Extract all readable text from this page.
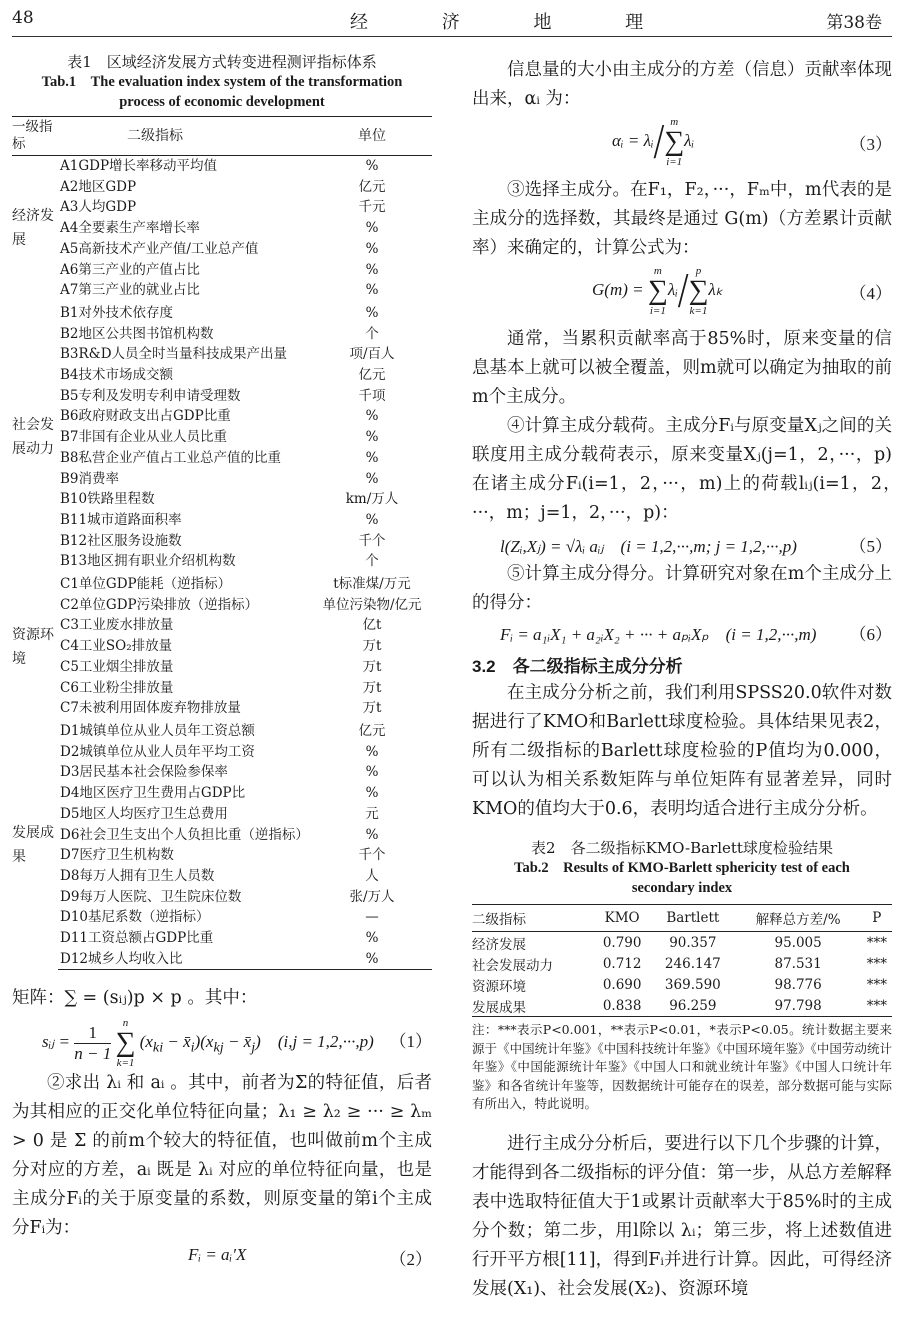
48	经 济 地 理	第38卷
表1　区域经济发展方式转变进程测评指标体系
Tab.1　The evaluation index system of the transformation
process of economic development
一级指标	二级指标	单位
经济发展	A1GDP增长率移动平均值	%
	A2地区GDP	亿元
	A3人均GDP	千元
	A4全要素生产率增长率	%
	A5高新技术产业产值/工业总产值	%
	A6第三产业的产值占比	%
	A7第三产业的就业占比	%
社会发展动力	B1对外技术依存度	%
	B2地区公共图书馆机构数	个
	B3R&D人员全时当量科技成果产出量	项/百人
	B4技术市场成交额	亿元
	B5专利及发明专利申请受理数	千项
	B6政府财政支出占GDP比重	%
	B7非国有企业从业人员比重	%
	B8私营企业产值占工业总产值的比重	%
	B9消费率	%
	B10铁路里程数	km/万人
	B11城市道路面积率	%
	B12社区服务设施数	千个
	B13地区拥有职业介绍机构数	个
资源环境	C1单位GDP能耗（逆指标）	t标准煤/万元
	C2单位GDP污染排放（逆指标）	单位污染物/亿元
	C3工业废水排放量	亿t
	C4工业SO₂排放量	万t
	C5工业烟尘排放量	万t
	C6工业粉尘排放量	万t
	C7未被利用固体废弃物排放量	万t
发展成果	D1城镇单位从业人员年工资总额	亿元
	D2城镇单位从业人员年平均工资	%
	D3居民基本社会保险参保率	%
	D4地区医疗卫生费用占GDP比	%
	D5地区人均医疗卫生总费用	元
	D6社会卫生支出个人负担比重（逆指标）	%
	D7医疗卫生机构数	千个
	D8每万人拥有卫生人员数	人
	D9每万人医院、卫生院床位数	张/万人
	D10基尼系数（逆指标）	—
	D11工资总额占GDP比重	%
	D12城乡人均收入比	%
矩阵：∑ = (sᵢⱼ)p × p 。其中：
sᵢⱼ = $\frac{1}{n - 1}$
	n
∑
k=1
($x_{ki}$ − $x̄_i)(x_{kj}$ − $x̄_j$)　(i,j = 1,2,···,p) （1）
②求出 λᵢ 和 aᵢ 。其中，前者为Σ的特征值，后者为其相应的正交化单位特征向量；λ₁ ≥ λ₂ ≥ ··· ≥ λₘ > 0 是 Σ 的前m个较大的特征值，也叫做前m个主成分对应的方差，aᵢ 既是 λᵢ 对应的单位特征向量，也是主成分Fᵢ的关于原变量的系数，则原变量的第i个主成分Fᵢ为：
Fᵢ = aᵢ′X	（2）
信息量的大小由主成分的方差（信息）贡献率体现出来，αᵢ 为：
αᵢ = λᵢ/ m
∑
i=1
λᵢ	（3）
③选择主成分。在F₁，F₂，···，Fₘ中，m代表的是主成分的选择数，其最终是通过 G(m)（方差累计贡献率）来确定的，计算公式为：
G(m) =
m
∑
i=1
λᵢ/ p
∑
k=1
λₖ	（4）
通常，当累积贡献率高于85%时，原来变量的信息基本上就可以被全覆盖，则m就可以确定为抽取的前m个主成分。
④计算主成分载荷。主成分Fᵢ与原变量Xⱼ之间的关联度用主成分载荷表示，原来变量Xⱼ(j=1，2，···，p)在诸主成分Fᵢ(i=1，2，···，m)上的荷载lᵢⱼ(i=1，2，···，m；j=1，2，···，p)：
l(Zᵢ,Xⱼ) = √λᵢ aᵢⱼ　(i = 1,2,···,m; j = 1,2,···,p)	（5）
⑤计算主成分得分。计算研究对象在m个主成分上的得分：
Fᵢ = a₁ᵢX₁ + a₂ᵢX₂ + ··· + aₚᵢXₚ　(i = 1,2,···,m) （6）
3.2　各二级指标主成分分析
在主成分分析之前，我们利用SPSS20.0软件对数据进行了KMO和Barlett球度检验。具体结果见表2，所有二级指标的Barlett球度检验的P值均为0.000，可以认为相关系数矩阵与单位矩阵有显著差异，同时KMO的值均大于0.6，表明均适合进行主成分分析。
表2　各二级指标KMO-Barlett球度检验结果
Tab.2　Results of KMO-Barlett sphericity test of each
secondary index
二级指标	KMO	Bartlett	解释总方差/%	P
经济发展	0.790	90.357	95.005	***
社会发展动力	0.712	246.147	87.531	***
资源环境	0.690	369.590	98.776	***
发展成果	0.838	96.259	97.798	***
注：***表示P<0.001，**表示P<0.01，*表示P<0.05。统计数据主要来源于《中国统计年鉴》《中国科技统计年鉴》《中国环境年鉴》《中国劳动统计年鉴》《中国能源统计年鉴》《中国人口和就业统计年鉴》《中国人口统计年鉴》和各省统计年鉴等，因数据统计可能存在的误差，部分数据可能与实际有所出入，特此说明。
进行主成分分析后，要进行以下几个步骤的计算，才能得到各二级指标的评分值：第一步，从总方差解释表中选取特征值大于1或累计贡献率大于85%时的主成分个数；第二步，用l除以 λᵢ；第三步，将上述数值进行开平方根[11]，得到Fᵢ并进行计算。因此，可得经济发展(X₁)、社会发展(X₂)、资源环境
